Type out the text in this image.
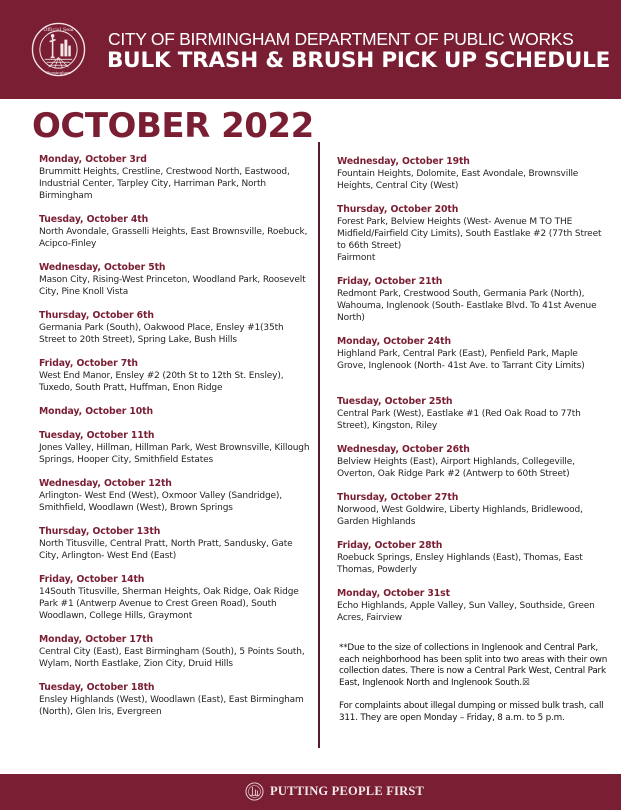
Official Seal
Birmingham
CITY OF BIRMINGHAM DEPARTMENT OF PUBLIC WORKS
BULK TRASH & BRUSH PICK UP SCHEDULE
OCTOBER 2022
Monday, October 3rd
Brummitt Heights, Crestline, Crestwood North, Eastwood, Industrial Center, Tarpley City, Harriman Park, North Birmingham
Tuesday, October 4th
North Avondale, Grasselli Heights, East Brownsville, Roebuck, Acipco-Finley
Wednesday, October 5th
Mason City, Rising-West Princeton, Woodland Park, Roosevelt City, Pine Knoll Vista
Thursday, October 6th
Germania Park (South), Oakwood Place, Ensley #1(35th Street to 20th Street), Spring Lake, Bush Hills
Friday, October 7th
West End Manor, Ensley #2 (20th St to 12th St. Ensley), Tuxedo, South Pratt, Huffman, Enon Ridge
Monday, October 10th
Tuesday, October 11th
Jones Valley, Hillman, Hillman Park, West Brownsville, Killough Springs, Hooper City, Smithfield Estates
Wednesday, October 12th
Arlington- West End (West), Oxmoor Valley (Sandridge), Smithfield, Woodlawn (West), Brown Springs
Thursday, October 13th
North Titusville, Central Pratt, North Pratt, Sandusky, Gate City, Arlington- West End (East)
Friday, October 14th
14South Titusville, Sherman Heights, Oak Ridge, Oak Ridge Park #1 (Antwerp Avenue to Crest Green Road), South Woodlawn, College Hills, Graymont
Monday, October 17th
Central City (East), East Birmingham (South), 5 Points South, Wylam, North Eastlake, Zion City, Druid Hills
Tuesday, October 18th
Ensley Highlands (West), Woodlawn (East), East Birmingham (North), Glen Iris, Evergreen
Wednesday, October 19th
Fountain Heights, Dolomite, East Avondale, Brownsville Heights, Central City (West)
Thursday, October 20th
Forest Park, Belview Heights (West- Avenue M TO THE Midfield/Fairfield City Limits), South Eastlake #2 (77th Street to 66th Street)
Fairmont
Friday, October 21th
Redmont Park, Crestwood South, Germania Park (North), Wahouma, Inglenook (South- Eastlake Blvd. To 41st Avenue North)
Monday, October 24th
Highland Park, Central Park (East), Penfield Park, Maple Grove, Inglenook (North- 41st Ave. to Tarrant City Limits)
Tuesday, October 25th
Central Park (West), Eastlake #1 (Red Oak Road to 77th Street), Kingston, Riley
Wednesday, October 26th
Belview Heights (East), Airport Highlands, Collegeville, Overton, Oak Ridge Park #2 (Antwerp to 60th Street)
Thursday, October 27th
Norwood, West Goldwire, Liberty Highlands, Bridlewood, Garden Highlands
Friday, October 28th
Roebuck Springs, Ensley Highlands (East), Thomas, East Thomas, Powderly
Monday, October 31st
Echo Highlands, Apple Valley, Sun Valley, Southside, Green Acres, Fairview

**Due to the size of collections in Inglenook and Central Park, each neighborhood has been split into two areas with their own collection dates. There is now a Central Park West, Central Park East, Inglenook North and Inglenook South.☒

For complaints about illegal dumping or missed bulk trash, call 311. They are open Monday – Friday, 8 a.m. to 5 p.m.

PUTTING PEOPLE FIRST
